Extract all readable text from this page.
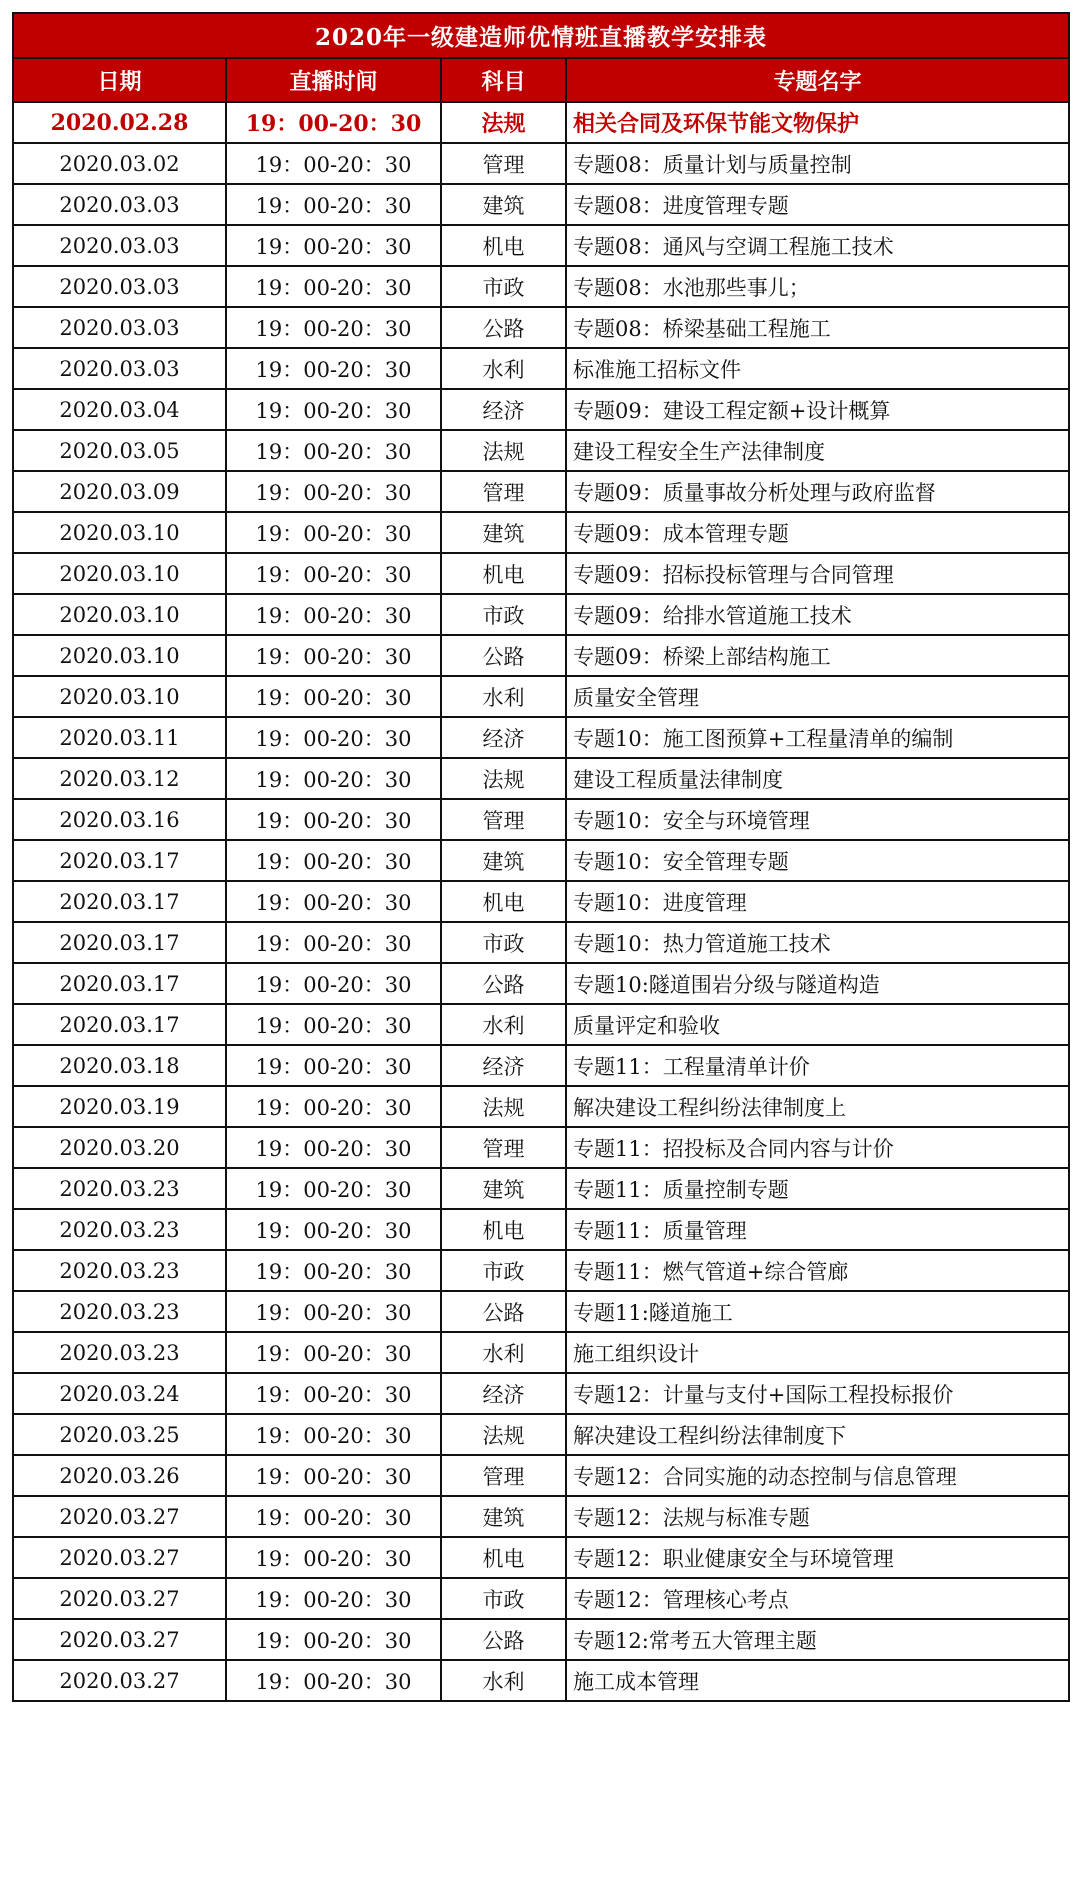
2020年一级建造师优情班直播教学安排表			
日期	直播时间	科目	专题名字
2020.02.28	19：00-20：30	法规	相关合同及环保节能文物保护
2020.03.02	19：00-20：30	管理	专题08：质量计划与质量控制
2020.03.03	19：00-20：30	建筑	专题08：进度管理专题
2020.03.03	19：00-20：30	机电	专题08：通风与空调工程施工技术
2020.03.03	19：00-20：30	市政	专题08：水池那些事儿；
2020.03.03	19：00-20：30	公路	专题08：桥梁基础工程施工
2020.03.03	19：00-20：30	水利	标准施工招标文件
2020.03.04	19：00-20：30	经济	专题09：建设工程定额+设计概算
2020.03.05	19：00-20：30	法规	建设工程安全生产法律制度
2020.03.09	19：00-20：30	管理	专题09：质量事故分析处理与政府监督
2020.03.10	19：00-20：30	建筑	专题09：成本管理专题
2020.03.10	19：00-20：30	机电	专题09：招标投标管理与合同管理
2020.03.10	19：00-20：30	市政	专题09：给排水管道施工技术
2020.03.10	19：00-20：30	公路	专题09：桥梁上部结构施工
2020.03.10	19：00-20：30	水利	质量安全管理
2020.03.11	19：00-20：30	经济	专题10：施工图预算+工程量清单的编制
2020.03.12	19：00-20：30	法规	建设工程质量法律制度
2020.03.16	19：00-20：30	管理	专题10：安全与环境管理
2020.03.17	19：00-20：30	建筑	专题10：安全管理专题
2020.03.17	19：00-20：30	机电	专题10：进度管理
2020.03.17	19：00-20：30	市政	专题10：热力管道施工技术
2020.03.17	19：00-20：30	公路	专题10:隧道围岩分级与隧道构造
2020.03.17	19：00-20：30	水利	质量评定和验收
2020.03.18	19：00-20：30	经济	专题11：工程量清单计价
2020.03.19	19：00-20：30	法规	解决建设工程纠纷法律制度上
2020.03.20	19：00-20：30	管理	专题11：招投标及合同内容与计价
2020.03.23	19：00-20：30	建筑	专题11：质量控制专题
2020.03.23	19：00-20：30	机电	专题11：质量管理
2020.03.23	19：00-20：30	市政	专题11：燃气管道+综合管廊
2020.03.23	19：00-20：30	公路	专题11:隧道施工
2020.03.23	19：00-20：30	水利	施工组织设计
2020.03.24	19：00-20：30	经济	专题12：计量与支付+国际工程投标报价
2020.03.25	19：00-20：30	法规	解决建设工程纠纷法律制度下
2020.03.26	19：00-20：30	管理	专题12：合同实施的动态控制与信息管理
2020.03.27	19：00-20：30	建筑	专题12：法规与标准专题
2020.03.27	19：00-20：30	机电	专题12：职业健康安全与环境管理
2020.03.27	19：00-20：30	市政	专题12：管理核心考点
2020.03.27	19：00-20：30	公路	专题12:常考五大管理主题
2020.03.27	19：00-20：30	水利	施工成本管理
